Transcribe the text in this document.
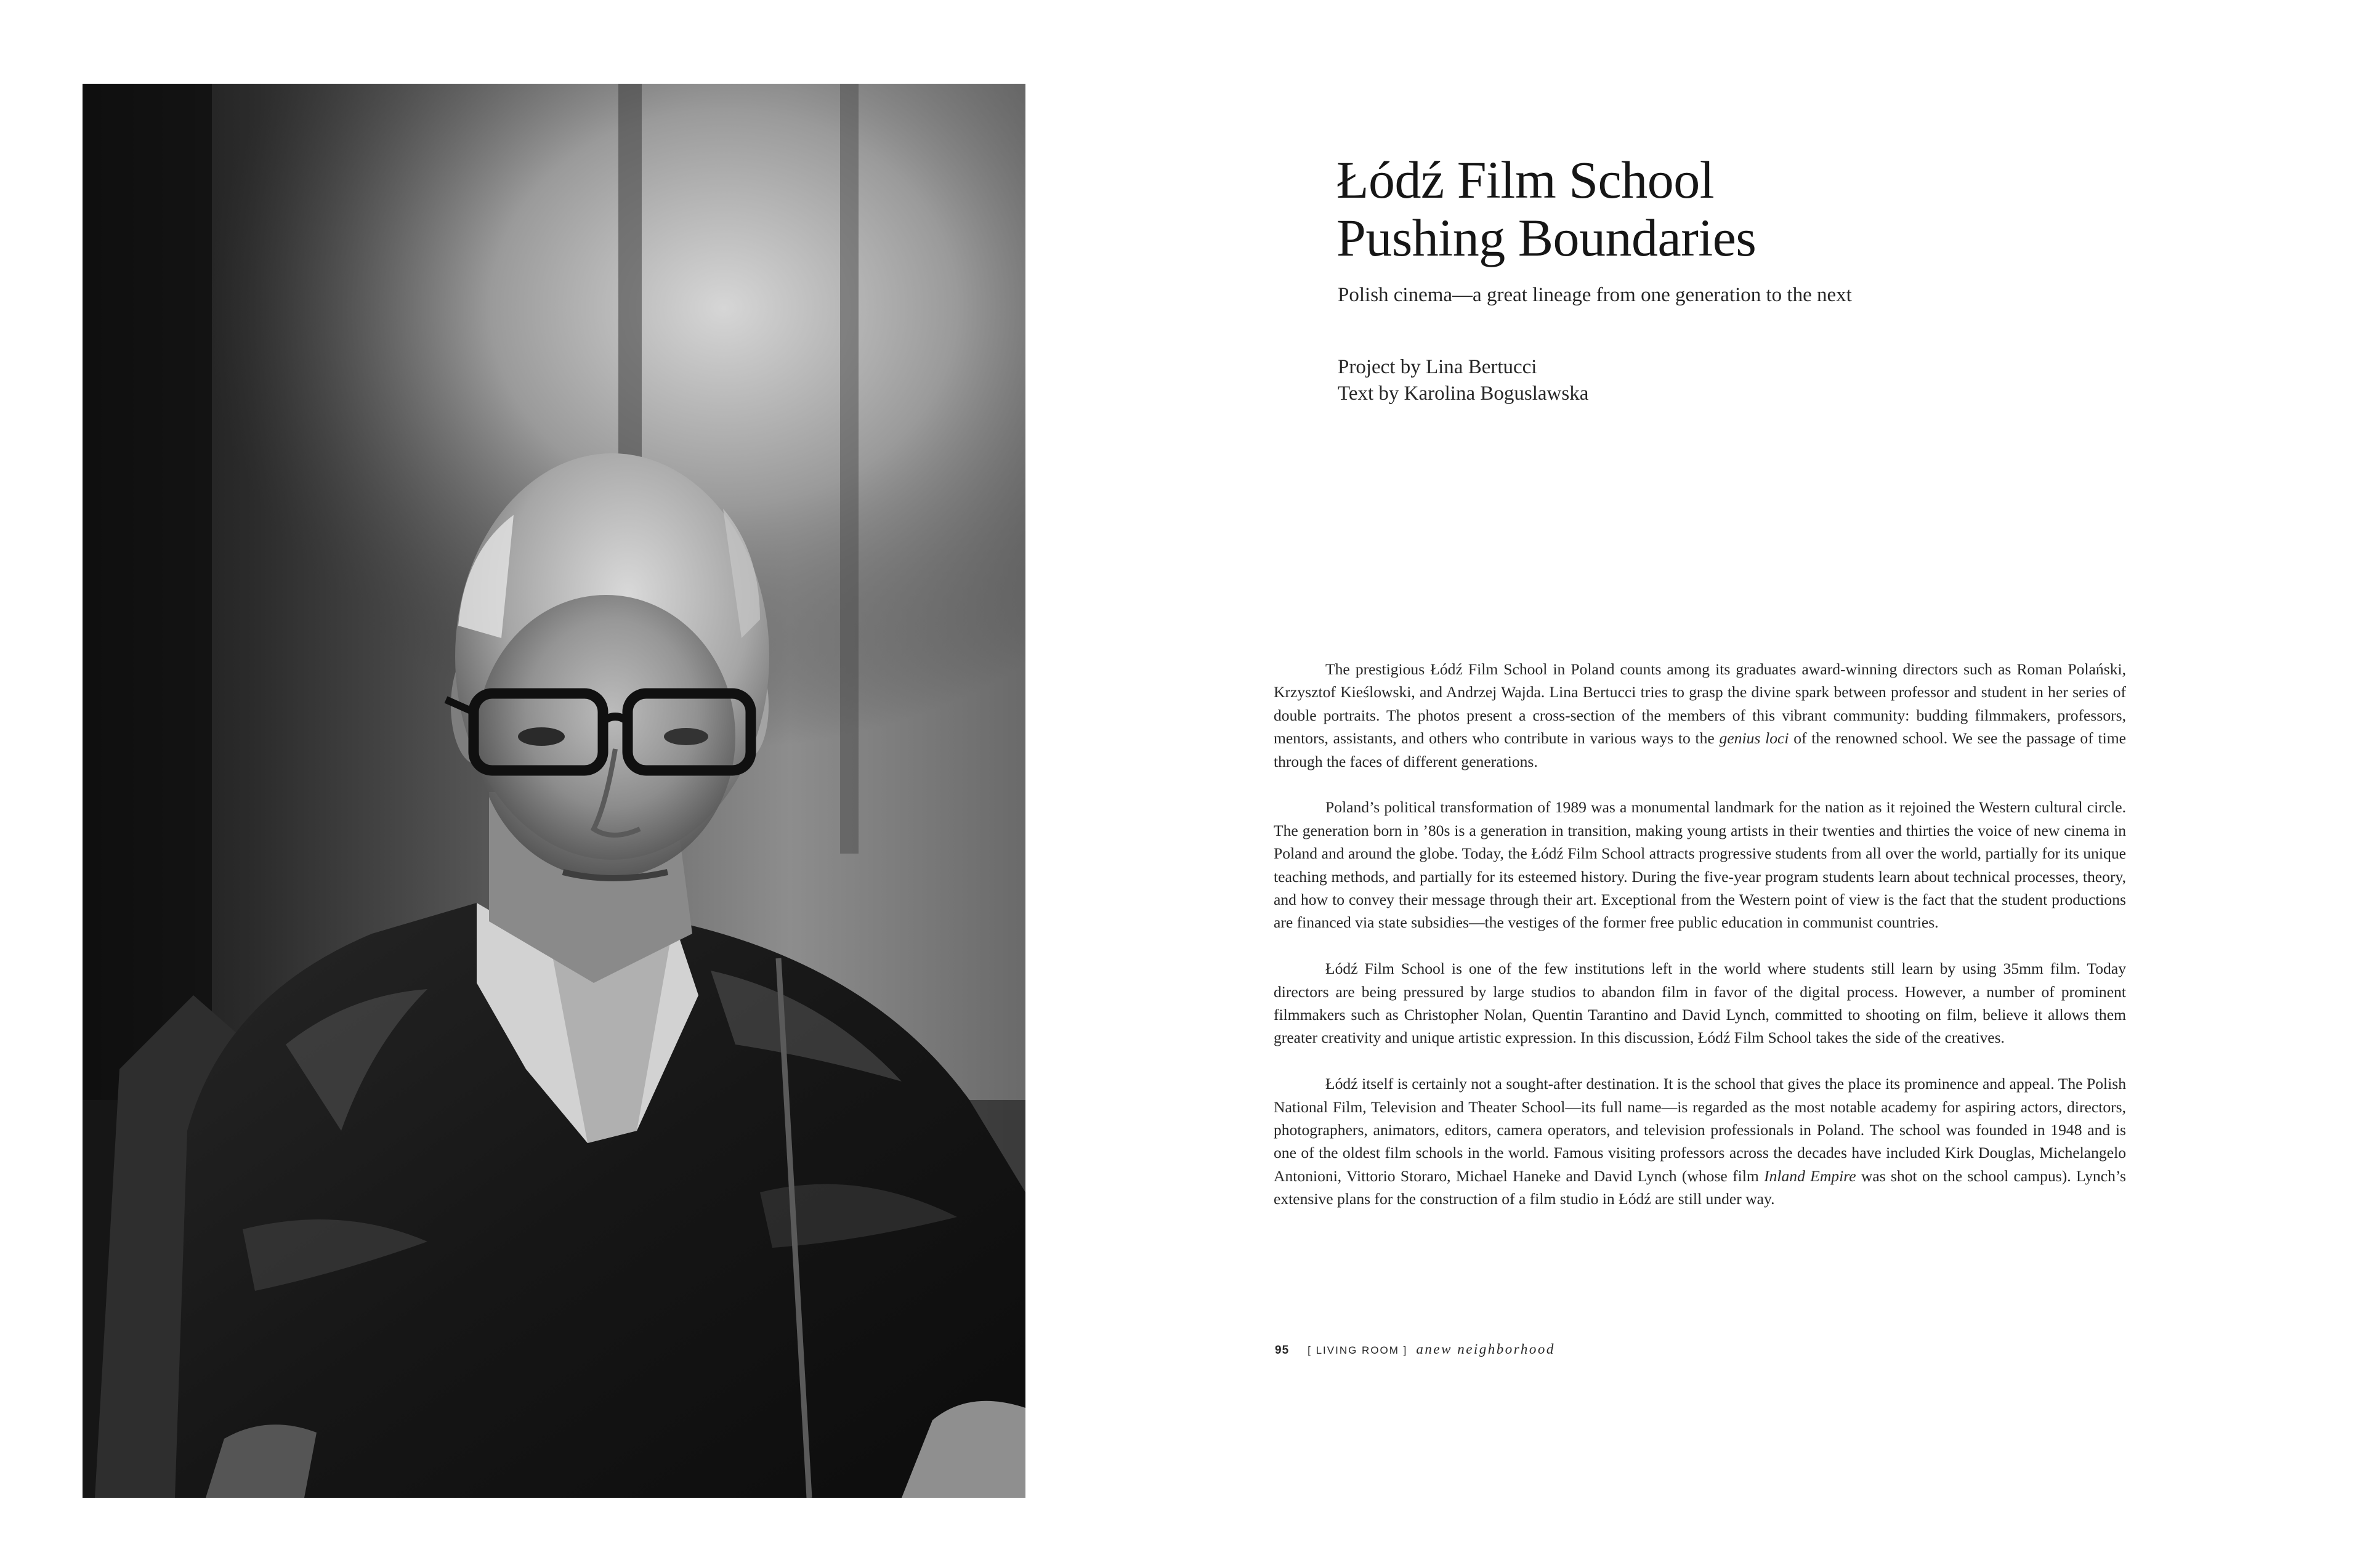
Łódź Film School
Pushing Boundaries
Polish cinema—a great lineage from one generation to the next
Project by Lina Bertucci
Text by Karolina Boguslawska

The prestigious Łódź Film School in Poland counts among its graduates award-winning directors such as Roman Polański, Krzysztof Kieślowski, and Andrzej Wajda. Lina Bertucci tries to grasp the divine spark between professor and student in her series of double portraits. The photos present a cross-section of the members of this vibrant community: budding filmmakers, professors, mentors, assistants, and others who contribute in various ways to the genius loci of the renowned school. We see the passage of time through the faces of different generations.

Poland’s political transformation of 1989 was a monumental landmark for the nation as it rejoined the Western cultural circle. The generation born in ’80s is a generation in transition, making young artists in their twenties and thirties the voice of new cinema in Poland and around the globe. Today, the Łódź Film School attracts progressive students from all over the world, partially for its unique teaching methods, and partially for its esteemed history. During the five-year program students learn about technical processes, theory, and how to convey their message through their art. Exceptional from the Western point of view is the fact that the student productions are financed via state subsidies—the vestiges of the former free public education in communist countries.

Łódź Film School is one of the few institutions left in the world where students still learn by using 35mm film. Today directors are being pressured by large studios to abandon film in favor of the digital process. However, a number of prominent filmmakers such as Christopher Nolan, Quentin Tarantino and David Lynch, committed to shooting on film, believe it allows them greater creativity and unique artistic expression. In this discussion, Łódź Film School takes the side of the creatives.

Łódź itself is certainly not a sought-after destination. It is the school that gives the place its prominence and appeal. The Polish National Film, Television and Theater School—its full name—is regarded as the most notable academy for aspiring actors, directors, photographers, animators, editors, camera operators, and television professionals in Poland. The school was founded in 1948 and is one of the oldest film schools in the world. Famous visiting professors across the decades have included Kirk Douglas, Michelangelo Antonioni, Vittorio Storaro, Michael Haneke and David Lynch (whose film Inland Empire was shot on the school campus). Lynch’s extensive plans for the construction of a film studio in Łódź are still under way.

95 [ LIVING ROOM ] anew neighborhood
